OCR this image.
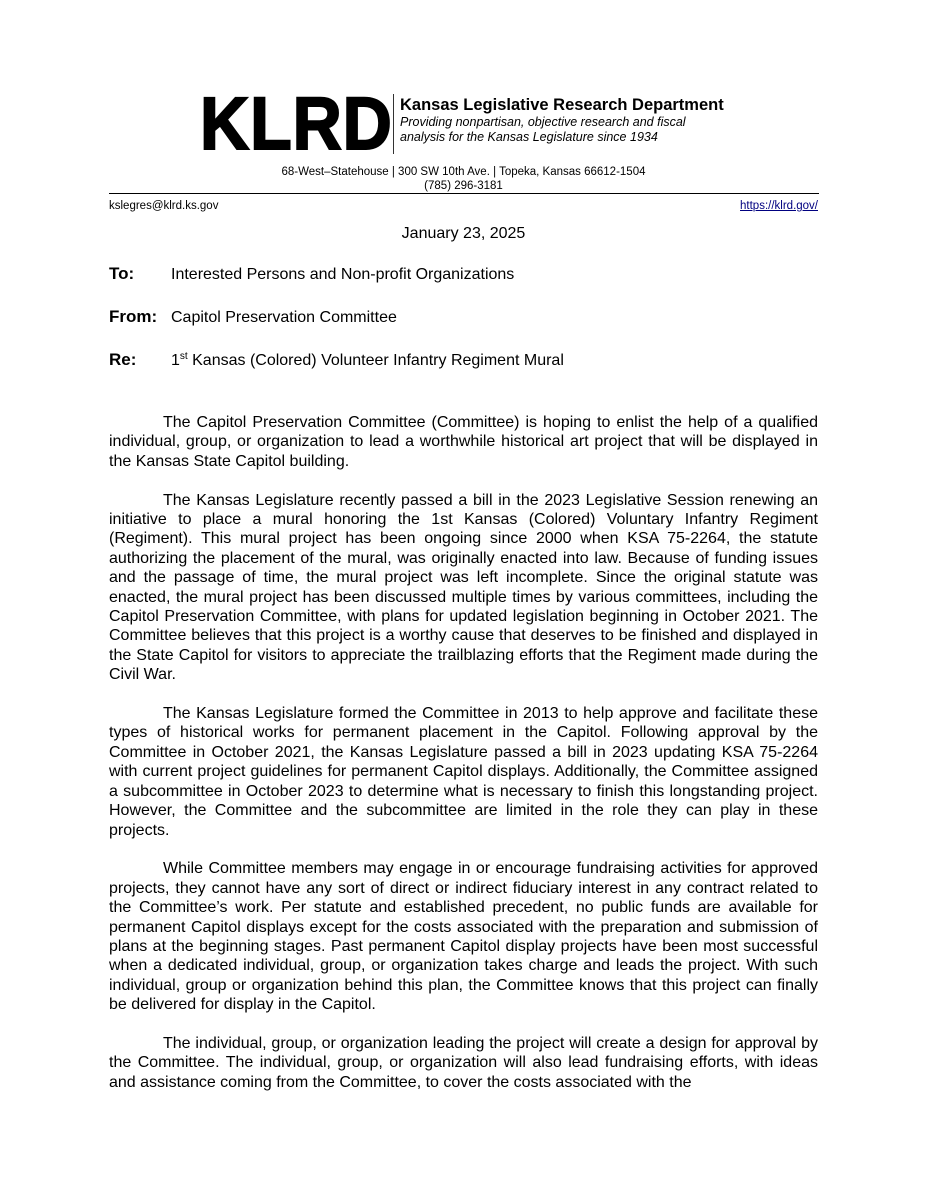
KLRD Kansas Legislative Research Department
Providing nonpartisan, objective research and fiscal
analysis for the Kansas Legislature since 1934
68-West–Statehouse | 300 SW 10th Ave. | Topeka, Kansas 66612-1504
(785) 296-3181
kslegres@klrd.ks.gov	https://klrd.gov/
January 23, 2025
To:	Interested Persons and Non-profit Organizations
From: Capitol Preservation Committee
Re:	1st Kansas (Colored) Volunteer Infantry Regiment Mural

The Capitol Preservation Committee (Committee) is hoping to enlist the help of a qualified individual, group, or organization to lead a worthwhile historical art project that will be displayed in the Kansas State Capitol building.

The Kansas Legislature recently passed a bill in the 2023 Legislative Session renewing an initiative to place a mural honoring the 1st Kansas (Colored) Voluntary Infantry Regiment (Regiment). This mural project has been ongoing since 2000 when KSA 75-2264, the statute authorizing the placement of the mural, was originally enacted into law. Because of funding issues and the passage of time, the mural project was left incomplete. Since the original statute was enacted, the mural project has been discussed multiple times by various committees, including the Capitol Preservation Committee, with plans for updated legislation beginning in October 2021. The Committee believes that this project is a worthy cause that deserves to be finished and displayed in the State Capitol for visitors to appreciate the trailblazing efforts that the Regiment made during the Civil War.

The Kansas Legislature formed the Committee in 2013 to help approve and facilitate these types of historical works for permanent placement in the Capitol. Following approval by the Committee in October 2021, the Kansas Legislature passed a bill in 2023 updating KSA 75-2264 with current project guidelines for permanent Capitol displays. Additionally, the Committee assigned a subcommittee in October 2023 to determine what is necessary to finish this longstanding project. However, the Committee and the subcommittee are limited in the role they can play in these projects.

While Committee members may engage in or encourage fundraising activities for approved projects, they cannot have any sort of direct or indirect fiduciary interest in any contract related to the Committee’s work. Per statute and established precedent, no public funds are available for permanent Capitol displays except for the costs associated with the preparation and submission of plans at the beginning stages. Past permanent Capitol display projects have been most successful when a dedicated individual, group, or organization takes charge and leads the project. With such individual, group or organization behind this plan, the Committee knows that this project can finally be delivered for display in the Capitol.

The individual, group, or organization leading the project will create a design for approval by the Committee. The individual, group, or organization will also lead fundraising efforts, with ideas and assistance coming from the Committee, to cover the costs associated with the
